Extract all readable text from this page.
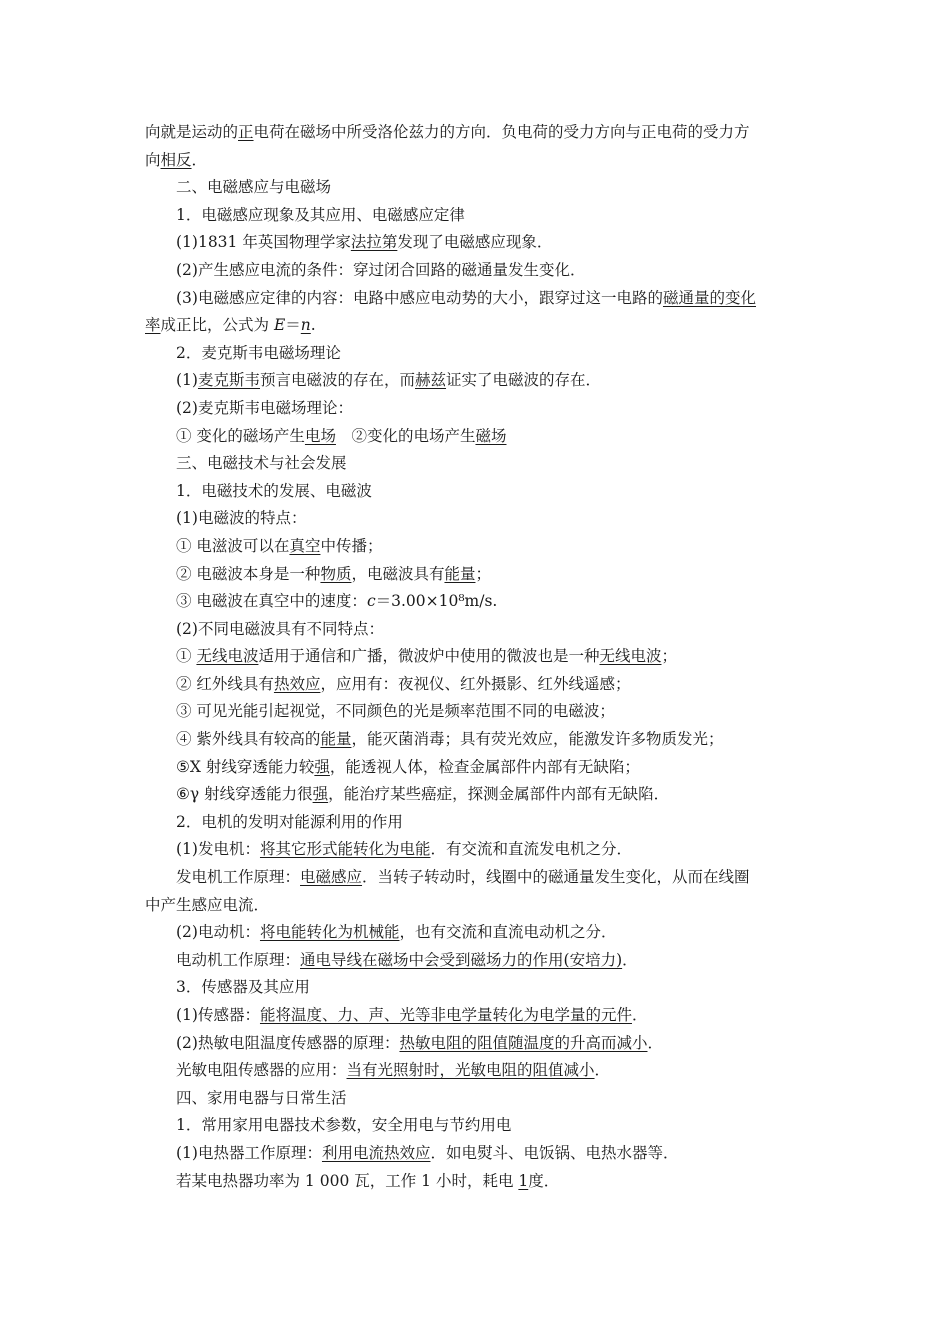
向就是运动的正电荷在磁场中所受洛伦兹力的方向．负电荷的受力方向与正电荷的受力方
向相反．
二、电磁感应与电磁场
1．电磁感应现象及其应用、电磁感应定律
(1)1831 年英国物理学家法拉第发现了电磁感应现象．
(2)产生感应电流的条件：穿过闭合回路的磁通量发生变化．
(3)电磁感应定律的内容：电路中感应电动势的大小，跟穿过这一电路的磁通量的变化
率成正比，公式为 E＝n.
2．麦克斯韦电磁场理论
(1)麦克斯韦预言电磁波的存在，而赫兹证实了电磁波的存在．
(2)麦克斯韦电磁场理论：
① 变化的磁场产生电场　②变化的电场产生磁场
三、电磁技术与社会发展
1．电磁技术的发展、电磁波
(1)电磁波的特点：
① 电滋波可以在真空中传播；
② 电磁波本身是一种物质，电磁波具有能量；
③ 电磁波在真空中的速度：c＝3.00×10⁸m/s.
(2)不同电磁波具有不同特点：
① 无线电波适用于通信和广播，微波炉中使用的微波也是一种无线电波；
② 红外线具有热效应，应用有：夜视仪、红外摄影、红外线遥感；
③ 可见光能引起视觉，不同颜色的光是频率范围不同的电磁波；
④ 紫外线具有较高的能量，能灭菌消毒；具有荧光效应，能激发许多物质发光；
⑤X 射线穿透能力较强，能透视人体，检查金属部件内部有无缺陷；
⑥γ 射线穿透能力很强，能治疗某些癌症，探测金属部件内部有无缺陷．
2．电机的发明对能源利用的作用
(1)发电机：将其它形式能转化为电能．有交流和直流发电机之分．
发电机工作原理：电磁感应．当转子转动时，线圈中的磁通量发生变化，从而在线圈
中产生感应电流．
(2)电动机：将电能转化为机械能，也有交流和直流电动机之分．
电动机工作原理：通电导线在磁场中会受到磁场力的作用(安培力)．
3．传感器及其应用
(1)传感器：能将温度、力、声、光等非电学量转化为电学量的元件．
(2)热敏电阻温度传感器的原理：热敏电阻的阻值随温度的升高而减小．
光敏电阻传感器的应用：当有光照射时，光敏电阻的阻值减小．
四、家用电器与日常生活
1．常用家用电器技术参数，安全用电与节约用电
(1)电热器工作原理：利用电流热效应．如电熨斗、电饭锅、电热水器等．
若某电热器功率为 1 000 瓦，工作 1 小时，耗电 1度．
